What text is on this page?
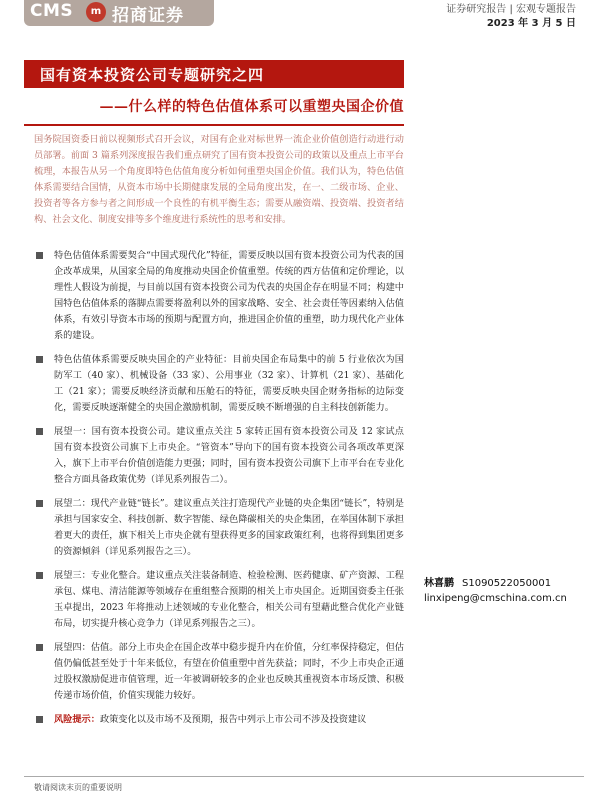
CMS	m 招商证券	证券研究报告 | 宏观专题报告
2023 年 3 月 5 日
国有资本投资公司专题研究之四
——什么样的特色估值体系可以重塑央国企价值
国务院国资委日前以视频形式召开会议，对国有企业对标世界一流企业价值创造行动进行动员部署。前面 3 篇系列深度报告我们重点研究了国有资本投资公司的政策以及重点上市平台梳理，本报告从另一个角度即特色估值角度分析如何重塑央国企价值。我们认为，特色估值体系需要结合国情，从资本市场中长期健康发展的全局角度出发，在一、二级市场、企业、投资者等各方参与者之间形成一个良性的有机平衡生态；需要从融资端、投资端、投资者结构、社会文化、制度安排等多个维度进行系统性的思考和安排。
特色估值体系需要契合“中国式现代化”特征，需要反映以国有资本投资公司为代表的国企改革成果，从国家全局的角度推动央国企价值重塑。传统的西方估值和定价理论，以理性人假设为前提，与目前以国有资本投资公司为代表的央国企存在明显不同；构建中国特色估值体系的落脚点需要将盈利以外的国家战略、安全、社会责任等因素纳入估值体系，有效引导资本市场的预期与配置方向，推进国企价值的重塑，助力现代化产业体系的建设。
特色估值体系需要反映央国企的产业特征：目前央国企布局集中的前 5 行业依次为国防军工（40 家）、机械设备（33 家）、公用事业（32 家）、计算机（21 家）、基础化工（21 家）；需要反映经济贡献和压舱石的特征，需要反映央国企财务指标的边际变化，需要反映逐渐健全的央国企激励机制，需要反映不断增强的自主科技创新能力。
展望一：国有资本投资公司。建议重点关注 5 家转正国有资本投资公司及 12 家试点国有资本投资公司旗下上市央企。“管资本”导向下的国有资本投资公司各项改革更深入，旗下上市平台价值创造能力更强；同时，国有资本投资公司旗下上市平台在专业化整合方面具备政策优势（详见系列报告二）。
展望二：现代产业链“链长”。建议重点关注打造现代产业链的央企集团“链长”，特别是承担与国家安全、科技创新、数字智能、绿色降碳相关的央企集团，在举国体制下承担着更大的责任，旗下相关上市央企就有望获得更多的国家政策红利，也将得到集团更多的资源倾斜（详见系列报告之三）。
展望三：专业化整合。建议重点关注装备制造、检验检测、医药健康、矿产资源、工程承包、煤电、清洁能源等领域存在重组整合预期的相关上市央国企。近期国资委主任张玉卓提出，2023 年将推动上述领域的专业化整合，相关公司有望藉此整合优化产业链布局，切实提升核心竞争力（详见系列报告之三）。
展望四：估值。部分上市央企在国企改革中稳步提升内在价值，分红率保持稳定，但估值仍偏低甚至处于十年来低位，有望在价值重塑中首先获益；同时，不少上市央企正通过股权激励促进市值管理，近一年被调研较多的企业也反映其重视资本市场反馈、积极传递市场价值，价值实现能力较好。
风险提示：政策变化以及市场不及预期，报告中列示上市公司不涉及投资建议
林喜鹏 S1090522050001
linxipeng@cmschina.com.cn
敬请阅读末页的重要说明
